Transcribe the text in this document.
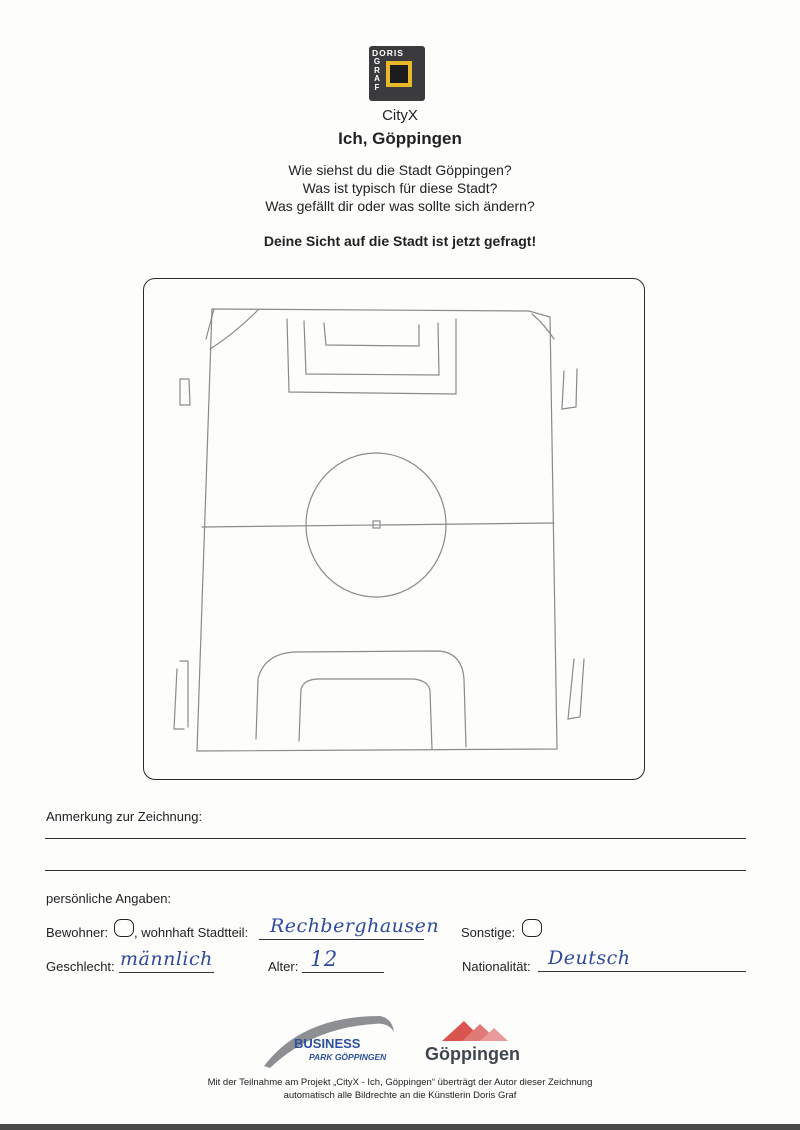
DORIS
G
R
A
F
CityX
Ich, Göppingen
Wie siehst du die Stadt Göppingen?
Was ist typisch für diese Stadt?
Was gefällt dir oder was sollte sich ändern?
Deine Sicht auf die Stadt ist jetzt gefragt!
Anmerkung zur Zeichnung:
persönliche Angaben:
Bewohner: , wohnhaft Stadtteil: Rechberghausen Sonstige:
Geschlecht: männlich	Alter: 12	Nationalität: Deutsch
BUSINESS
PARK GÖPPINGEN Göppingen
Mit der Teilnahme am Projekt „CityX - Ich, Göppingen“ überträgt der Autor dieser Zeichnung
automatisch alle Bildrechte an die Künstlerin Doris Graf
